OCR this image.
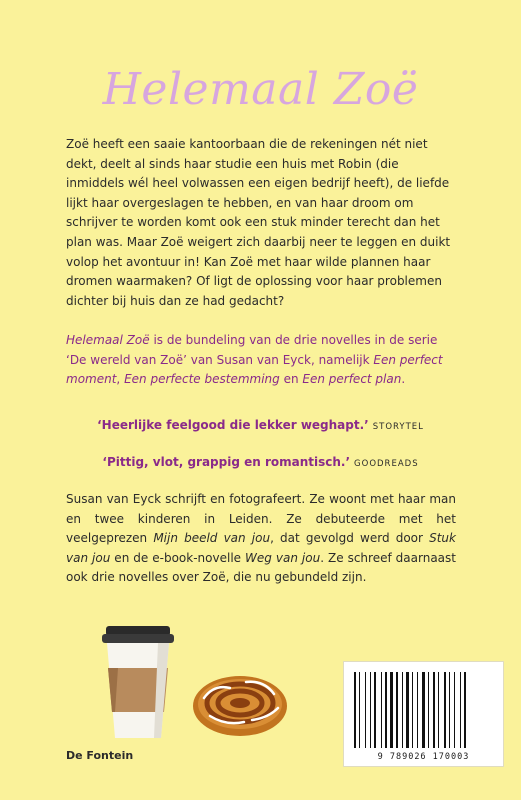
Helemaal Zoë
Zoë heeft een saaie kantoorbaan die de rekeningen nét niet dekt, deelt al sinds haar studie een huis met Robin (die inmiddels wél heel volwassen een eigen bedrijf heeft), de liefde lijkt haar overgeslagen te hebben, en van haar droom om schrijver te worden komt ook een stuk minder terecht dan het plan was. Maar Zoë weigert zich daarbij neer te leggen en duikt volop het avontuur in! Kan Zoë met haar wilde plannen haar dromen waarmaken? Of ligt de oplossing voor haar problemen dichter bij huis dan ze had gedacht?
Helemaal Zoë is de bundeling van de drie novelles in de serie ‘De wereld van Zoë’ van Susan van Eyck, namelijk Een perfect moment, Een perfecte bestemming en Een perfect plan.
‘Heerlijke feelgood die lekker weghapt.’ STORYTEL
‘Pittig, vlot, grappig en romantisch.’ GOODREADS
Susan van Eyck schrijft en fotografeert. Ze woont met haar man en twee kinderen in Leiden. Ze debuteerde met het veelgeprezen Mijn beeld van jou, dat gevolgd werd door Stuk van jou en de e-book-novelle Weg van jou. Ze schreef daarnaast ook drie novelles over Zoë, die nu gebundeld zijn.
9 789026 170003
De Fontein
